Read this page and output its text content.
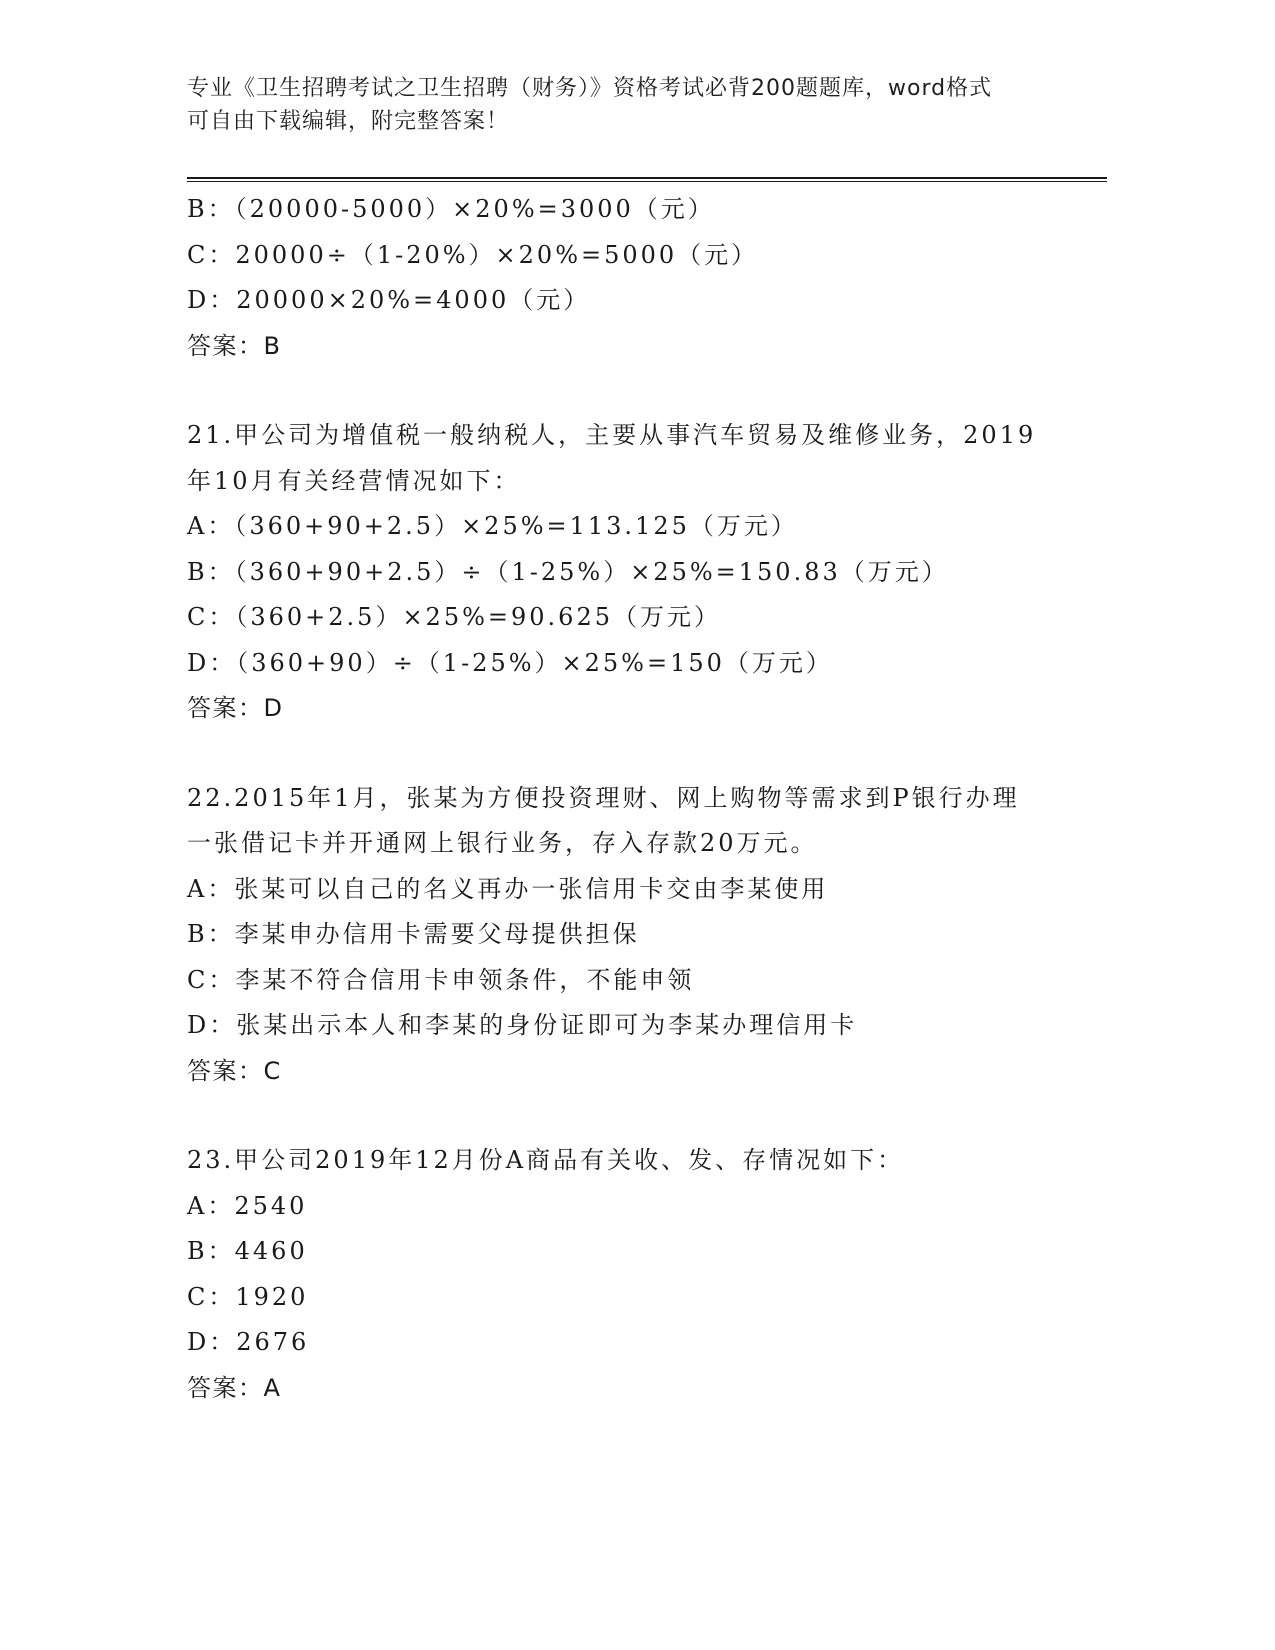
专业《卫生招聘考试之卫生招聘（财务）》资格考试必背200题题库，word格式
可自由下载编辑，附完整答案！
B：（20000-5000）×20%=3000（元）
C：20000÷（1-20%）×20%=5000（元）
D：20000×20%=4000（元）
答案：B
21.甲公司为增值税一般纳税人，主要从事汽车贸易及维修业务，2019
年10月有关经营情况如下：
A：（360+90+2.5）×25%=113.125（万元）
B：（360+90+2.5）÷（1-25%）×25%=150.83（万元）
C：（360+2.5）×25%=90.625（万元）
D：（360+90）÷（1-25%）×25%=150（万元）
答案：D
22.2015年1月，张某为方便投资理财、网上购物等需求到P银行办理
一张借记卡并开通网上银行业务，存入存款20万元。
A：张某可以自己的名义再办一张信用卡交由李某使用
B：李某申办信用卡需要父母提供担保
C：李某不符合信用卡申领条件，不能申领
D：张某出示本人和李某的身份证即可为李某办理信用卡
答案：C
23.甲公司2019年12月份A商品有关收、发、存情况如下：
A：2540
B：4460
C：1920
D：2676
答案：A
